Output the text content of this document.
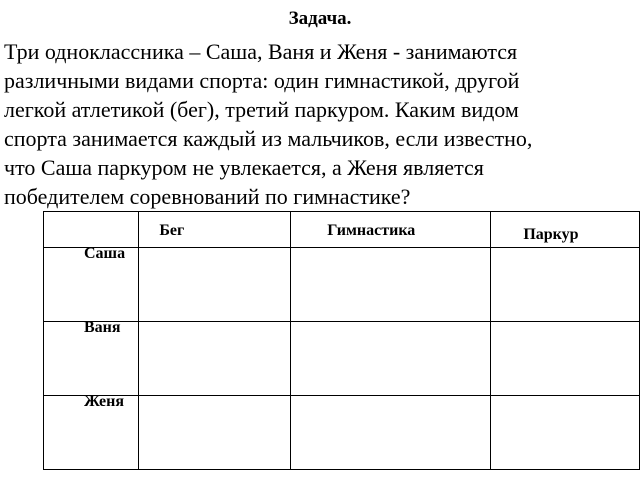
Задача.
Три одноклассника – Саша, Ваня и Женя - занимаются
различными видами спорта: один гимнастикой, другой
легкой атлетикой (бег), третий паркуром. Каким видом
спорта занимается каждый из мальчиков, если известно,
что Саша паркуром не увлекается, а Женя является
победителем соревнований по гимнастике?
	Бег	Гимнастика	Паркур

Саша			

Ваня			

Женя			
